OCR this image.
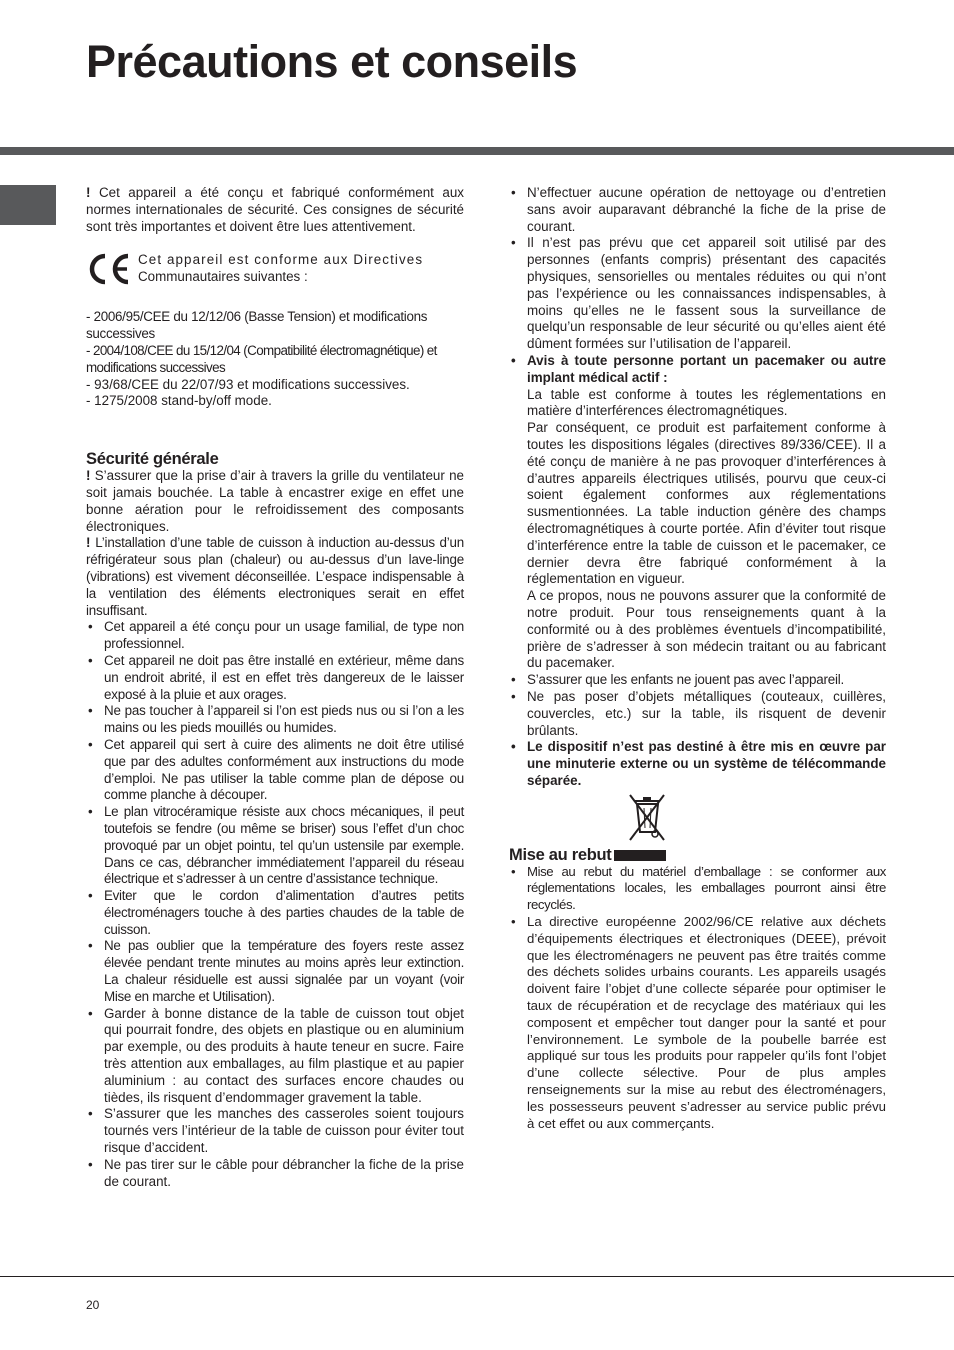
Précautions et conseils

! Cet appareil a été conçu et fabriqué conformément aux normes internationales de sécurité. Ces consignes de sécurité sont très importantes et doivent être lues attentivement.

Cet appareil est conforme aux Directives
Communautaires suivantes :
- 2006/95/CEE du 12/12/06 (Basse Tension) et modifications successives
- 2004/108/CEE du 15/12/04 (Compatibilité électromagnétique) et modifications successives
- 93/68/CEE du 22/07/93 et modifications successives.
- 1275/2008 stand-by/off mode.
Sécurité générale

! S’assurer que la prise d’air à travers la grille du ventilateur ne soit jamais bouchée. La table à encastrer exige en effet une bonne aération pour le refroidissement des composants électroniques.

! L’installation d’une table de cuisson à induction au-dessus d’un réfrigérateur sous plan (chaleur) ou au-dessus d’un lave-linge (vibrations) est vivement déconseillée. L’espace indispensable à la ventilation des éléments electroniques serait en effet insuffisant.

• Cet appareil a été conçu pour un usage familial, de type non professionnel.
• Cet appareil ne doit pas être installé en extérieur, même dans un endroit abrité, il est en effet très dangereux de le laisser exposé à la pluie et aux orages.
• Ne pas toucher à l’appareil si l’on est pieds nus ou si l’on a les mains ou les pieds mouillés ou humides.
• Cet appareil qui sert à cuire des aliments ne doit être utilisé que par des adultes conformément aux instructions du mode d’emploi. Ne pas utiliser la table comme plan de dépose ou comme planche à découper.
• Le plan vitrocéramique résiste aux chocs mécaniques, il peut toutefois se fendre (ou même se briser) sous l’effet d’un choc provoqué par un objet pointu, tel qu’un ustensile par exemple. Dans ce cas, débrancher immédiatement l’appareil du réseau électrique et s’adresser à un centre d’assistance technique.
• Eviter que le cordon d’alimentation d’autres petits électroménagers touche à des parties chaudes de la table de cuisson.
• Ne pas oublier que la température des foyers reste assez élevée pendant trente minutes au moins après leur extinction. La chaleur résiduelle est aussi signalée par un voyant (voir Mise en marche et Utilisation).
• Garder à bonne distance de la table de cuisson tout objet qui pourrait fondre, des objets en plastique ou en aluminium par exemple, ou des produits à haute teneur en sucre. Faire très attention aux emballages, au film plastique et au papier aluminium : au contact des surfaces encore chaudes ou tièdes, ils risquent d’endommager gravement la table.
• S’assurer que les manches des casseroles soient toujours tournés vers l’intérieur de la table de cuisson pour éviter tout risque d’accident.
• Ne pas tirer sur le câble pour débrancher la fiche de la prise de courant.
• N’effectuer aucune opération de nettoyage ou d’entretien sans avoir auparavant débranché la fiche de la prise de courant.
• Il n’est pas prévu que cet appareil soit utilisé par des personnes (enfants compris) présentant des capacités physiques, sensorielles ou mentales réduites ou qui n’ont pas l’expérience ou les connaissances indispensables, à moins qu’elles ne le fassent sous la surveillance de quelqu’un responsable de leur sécurité ou qu’elles aient été dûment formées sur l’utilisation de l’appareil.
• Avis à toute personne portant un pacemaker ou autre implant médical actif :
La table est conforme à toutes les réglementations en matière d’interférences électromagnétiques.
Par conséquent, ce produit est parfaitement conforme à toutes les dispositions légales (directives 89/336/CEE). Il a été conçu de manière à ne pas provoquer d’interférences à d’autres appareils électriques utilisés, pourvu que ceux-ci soient également conformes aux réglementations susmentionnées. La table induction génère des champs électromagnétiques à courte portée. Afin d’éviter tout risque d’interférence entre la table de cuisson et le pacemaker, ce dernier devra être fabriqué conformément à la réglementation en vigueur.
A ce propos, nous ne pouvons assurer que la conformité de notre produit. Pour tous renseignements quant à la conformité ou à des problèmes éventuels d’incompatibilité, prière de s’adresser à son médecin traitant ou au fabricant du pacemaker.
• S’assurer que les enfants ne jouent pas avec l’appareil.
• Ne pas poser d’objets métalliques (couteaux, cuillères, couvercles, etc.) sur la table, ils risquent de devenir brûlants.
• Le dispositif n’est pas destiné à être mis en œuvre par une minuterie externe ou un système de télécommande séparée.
Mise au rebut
• Mise au rebut du matériel d’emballage : se conformer aux réglementations locales, les emballages pourront ainsi être recyclés.
• La directive européenne 2002/96/CE relative aux déchets d’équipements électriques et électroniques (DEEE), prévoit que les électroménagers ne peuvent pas être traités comme des déchets solides urbains courants. Les appareils usagés doivent faire l’objet d’une collecte séparée pour optimiser le taux de récupération et de recyclage des matériaux qui les composent et empêcher tout danger pour la santé et pour l’environnement. Le symbole de la poubelle barrée est appliqué sur tous les produits pour rappeler qu’ils font l’objet d’une collecte sélective. Pour de plus amples renseignements sur la mise au rebut des électroménagers, les possesseurs peuvent s’adresser au service public prévu à cet effet ou aux commerçants.
20
